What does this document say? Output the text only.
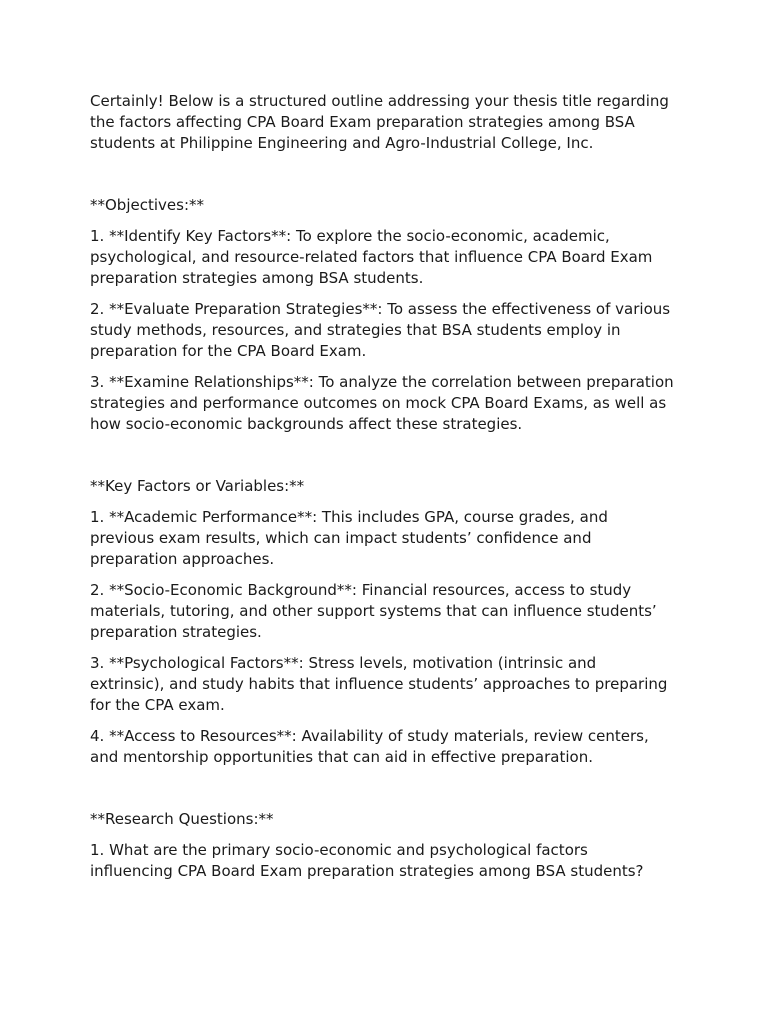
Certainly! Below is a structured outline addressing your thesis title regarding
the factors affecting CPA Board Exam preparation strategies among BSA
students at Philippine Engineering and Agro-Industrial College, Inc.

**Objectives:**

1. **Identify Key Factors**: To explore the socio-economic, academic,
psychological, and resource-related factors that influence CPA Board Exam
preparation strategies among BSA students.

2. **Evaluate Preparation Strategies**: To assess the effectiveness of various
study methods, resources, and strategies that BSA students employ in
preparation for the CPA Board Exam.

3. **Examine Relationships**: To analyze the correlation between preparation
strategies and performance outcomes on mock CPA Board Exams, as well as
how socio-economic backgrounds affect these strategies.

**Key Factors or Variables:**

1. **Academic Performance**: This includes GPA, course grades, and
previous exam results, which can impact students’ confidence and
preparation approaches.

2. **Socio-Economic Background**: Financial resources, access to study
materials, tutoring, and other support systems that can influence students’
preparation strategies.

3. **Psychological Factors**: Stress levels, motivation (intrinsic and
extrinsic), and study habits that influence students’ approaches to preparing
for the CPA exam.

4. **Access to Resources**: Availability of study materials, review centers,
and mentorship opportunities that can aid in effective preparation.

**Research Questions:**

1. What are the primary socio-economic and psychological factors
influencing CPA Board Exam preparation strategies among BSA students?
